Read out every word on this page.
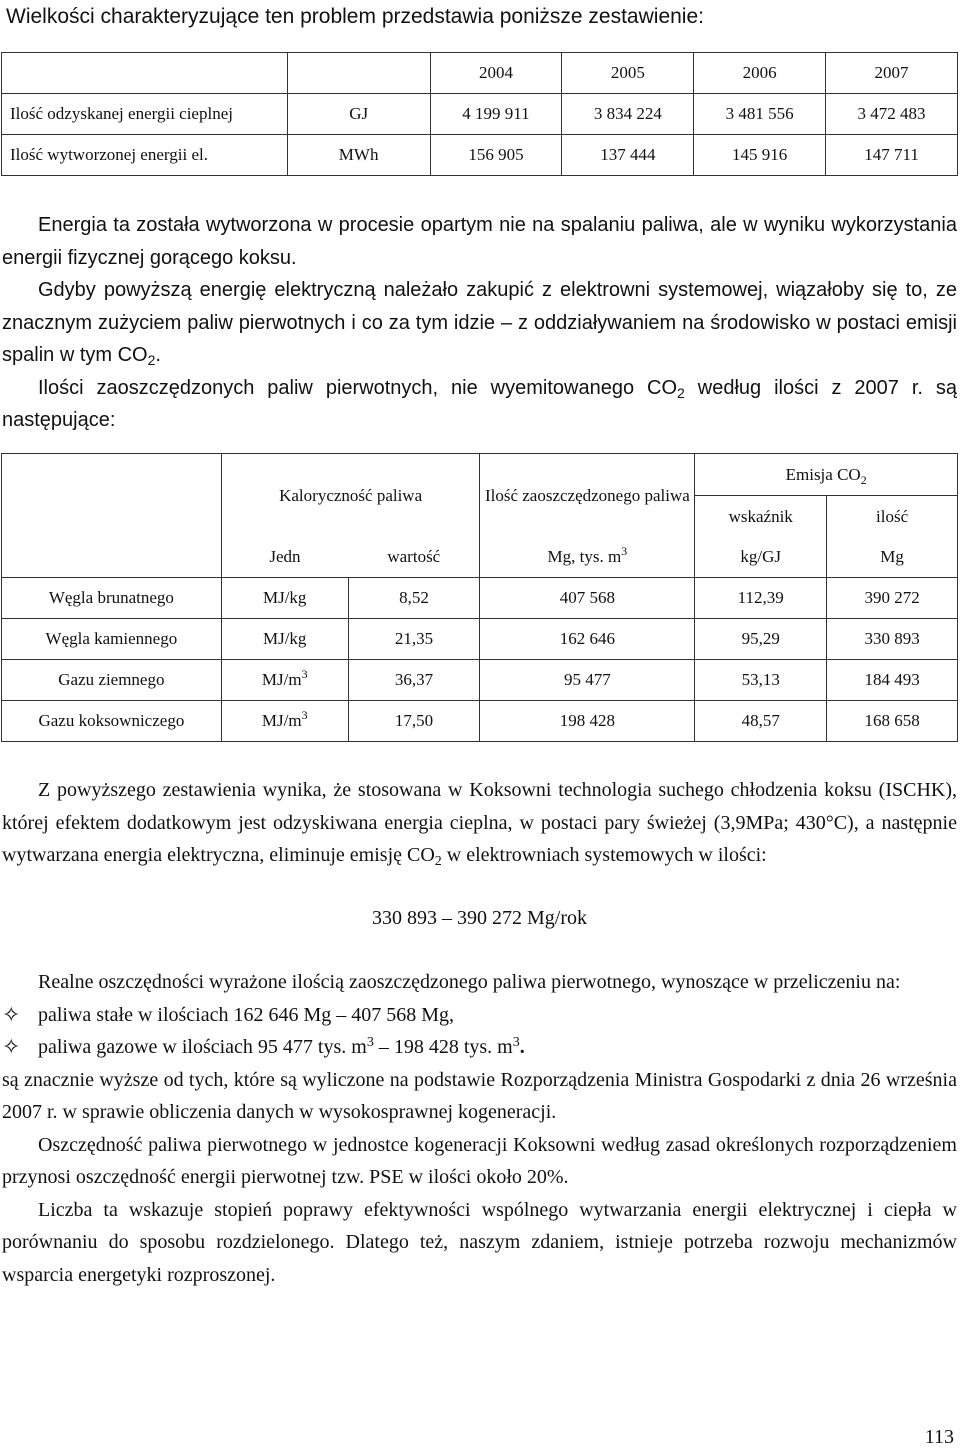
Wielkości charakteryzujące ten problem przedstawia poniższe zestawienie:

		2004	2005	2006	2007
Ilość odzyskanej energii cieplnej	GJ	4 199 911	3 834 224	3 481 556	3 472 483
Ilość wytworzonej energii el.	MWh	156 905	137 444	145 916	147 711

Energia ta została wytworzona w procesie opartym nie na spalaniu paliwa, ale w wyniku wykorzystania energii fizycznej gorącego koksu.

Gdyby powyższą energię elektryczną należało zakupić z elektrowni systemowej, wiązałoby się to, ze znacznym zużyciem paliw pierwotnych i co za tym idzie – z oddziaływaniem na środowisko w postaci emisji spalin w tym $CO_2$.

Ilości zaoszczędzonych paliw pierwotnych, nie wyemitowanego $CO_2$ według ilości z 2007 r. są następujące:

	Kaloryczność paliwa		Ilość zaoszczędzonego paliwa	Emisja $CO_2$
				wskaźnik	ilość
	Jedn	wartość	Mg, tys. $m^3$	kg/GJ	Mg
Węgla brunatnego	MJ/kg	8,52	407 568	112,39	390 272
Węgla kamiennego	MJ/kg	21,35	162 646	95,29	330 893
Gazu ziemnego	$MJ/m^3$	36,37	95 477	53,13	184 493
Gazu koksowniczego	$MJ/m^3$	17,50	198 428	48,57	168 658

Z powyższego zestawienia wynika, że stosowana w Koksowni technologia suchego chłodzenia koksu (ISCHK), której efektem dodatkowym jest odzyskiwana energia cieplna, w postaci pary świeżej (3,9MPa; 430°C), a następnie wytwarzana energia elektryczna, eliminuje emisję $CO_2$ w elektrowniach systemowych w ilości:

330 893 – 390 272 Mg/rok

Realne oszczędności wyrażone ilością zaoszczędzonego paliwa pierwotnego, wynoszące w przeliczeniu na:

✧ paliwa stałe w ilościach 162 646 Mg – 407 568 Mg,

✧ paliwa gazowe w ilościach 95 477 tys. $m^3 - 198$ 428 tys. $m^3$.

są znacznie wyższe od tych, które są wyliczone na podstawie Rozporządzenia Ministra Gospodarki z dnia 26 września 2007 r. w sprawie obliczenia danych w wysokosprawnej kogeneracji.

Oszczędność paliwa pierwotnego w jednostce kogeneracji Koksowni według zasad określonych rozporządzeniem przynosi oszczędność energii pierwotnej tzw. PSE w ilości około 20%.

Liczba ta wskazuje stopień poprawy efektywności wspólnego wytwarzania energii elektrycznej i ciepła w porównaniu do sposobu rozdzielonego. Dlatego też, naszym zdaniem, istnieje potrzeba rozwoju mechanizmów wsparcia energetyki rozproszonej.

113
